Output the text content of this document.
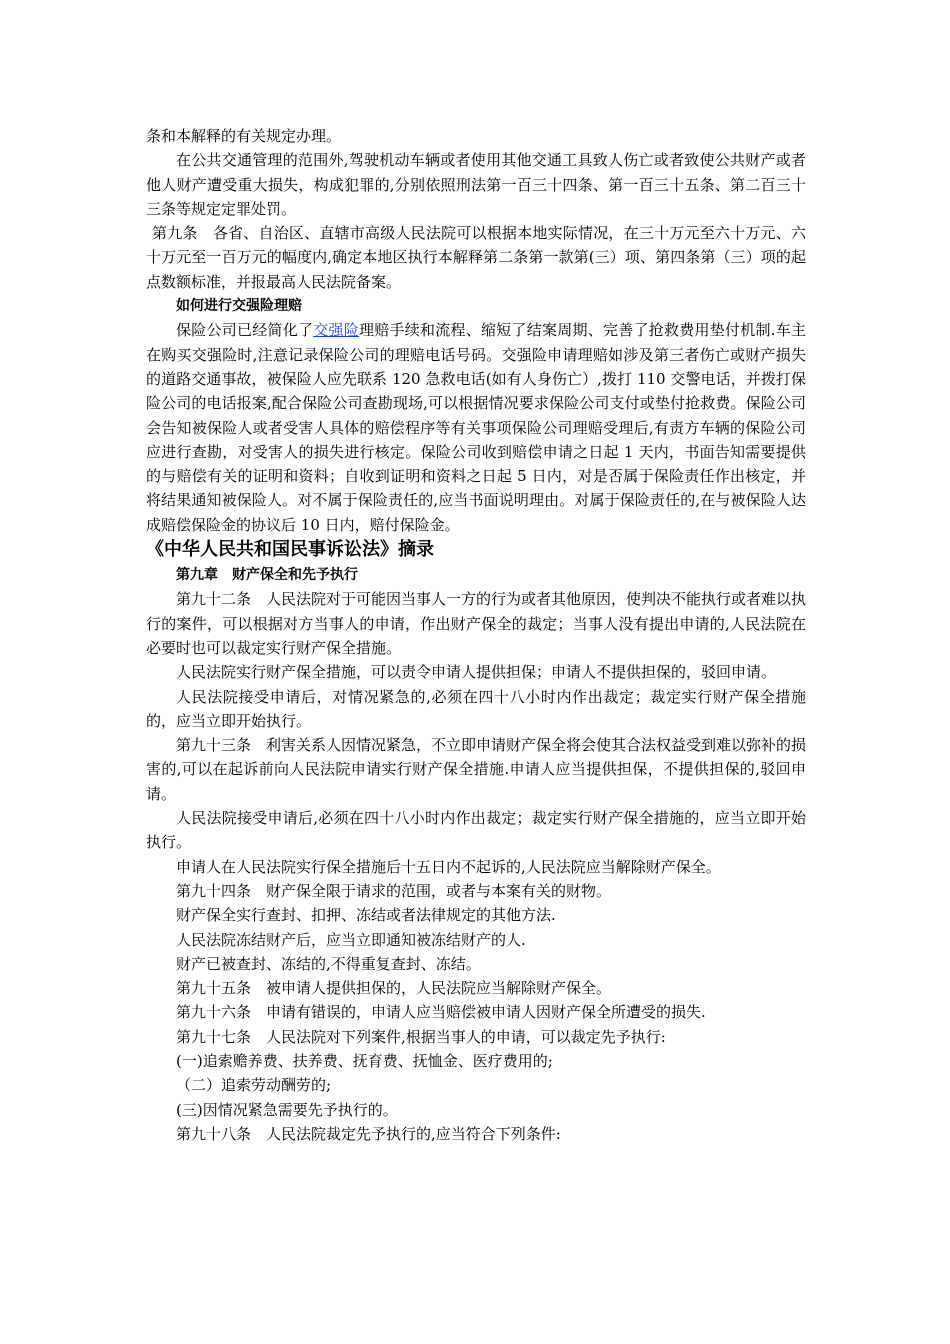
条和本解释的有关规定办理。

在公共交通管理的范围外,驾驶机动车辆或者使用其他交通工具致人伤亡或者致使公共财产或者他人财产遭受重大损失，构成犯罪的,分别依照刑法第一百三十四条、第一百三十五条、第二百三十三条等规定定罪处罚。

第九条　各省、自治区、直辖市高级人民法院可以根据本地实际情况，在三十万元至六十万元、六十万元至一百万元的幅度内,确定本地区执行本解释第二条第一款第(三）项、第四条第（三）项的起点数额标准，并报最高人民法院备案。

如何进行交强险理赔

保险公司已经简化了交强险理赔手续和流程、缩短了结案周期、完善了抢救费用垫付机制.车主在购买交强险时,注意记录保险公司的理赔电话号码。交强险申请理赔如涉及第三者伤亡或财产损失的道路交通事故，被保险人应先联系 120 急救电话(如有人身伤亡）,拨打 110 交警电话，并拨打保险公司的电话报案,配合保险公司查勘现场,可以根据情况要求保险公司支付或垫付抢救费。保险公司会告知被保险人或者受害人具体的赔偿程序等有关事项保险公司理赔受理后,有责方车辆的保险公司应进行查勘，对受害人的损失进行核定。保险公司收到赔偿申请之日起 1 天内，书面告知需要提供的与赔偿有关的证明和资料；自收到证明和资料之日起 5 日内，对是否属于保险责任作出核定，并将结果通知被保险人。对不属于保险责任的,应当书面说明理由。对属于保险责任的,在与被保险人达成赔偿保险金的协议后 10 日内，赔付保险金。

《中华人民共和国民事诉讼法》摘录

第九章　财产保全和先予执行

第九十二条　人民法院对于可能因当事人一方的行为或者其他原因，使判决不能执行或者难以执行的案件，可以根据对方当事人的申请，作出财产保全的裁定；当事人没有提出申请的,人民法院在必要时也可以裁定实行财产保全措施。

人民法院实行财产保全措施，可以责令申请人提供担保；申请人不提供担保的，驳回申请。

人民法院接受申请后，对情况紧急的,必须在四十八小时内作出裁定；裁定实行财产保全措施的，应当立即开始执行。

第九十三条　利害关系人因情况紧急，不立即申请财产保全将会使其合法权益受到难以弥补的损害的,可以在起诉前向人民法院申请实行财产保全措施.申请人应当提供担保，不提供担保的,驳回申请。

人民法院接受申请后,必须在四十八小时内作出裁定；裁定实行财产保全措施的，应当立即开始执行。

申请人在人民法院实行保全措施后十五日内不起诉的,人民法院应当解除财产保全。

第九十四条　财产保全限于请求的范围，或者与本案有关的财物。

财产保全实行查封、扣押、冻结或者法律规定的其他方法.

人民法院冻结财产后，应当立即通知被冻结财产的人.

财产已被查封、冻结的,不得重复查封、冻结。

第九十五条　被申请人提供担保的，人民法院应当解除财产保全。

第九十六条　申请有错误的，申请人应当赔偿被申请人因财产保全所遭受的损失.

第九十七条　人民法院对下列案件,根据当事人的申请，可以裁定先予执行:

(一)追索赡养费、扶养费、抚育费、抚恤金、医疗费用的;

（二）追索劳动酬劳的;

(三)因情况紧急需要先予执行的。

第九十八条　人民法院裁定先予执行的,应当符合下列条件:
